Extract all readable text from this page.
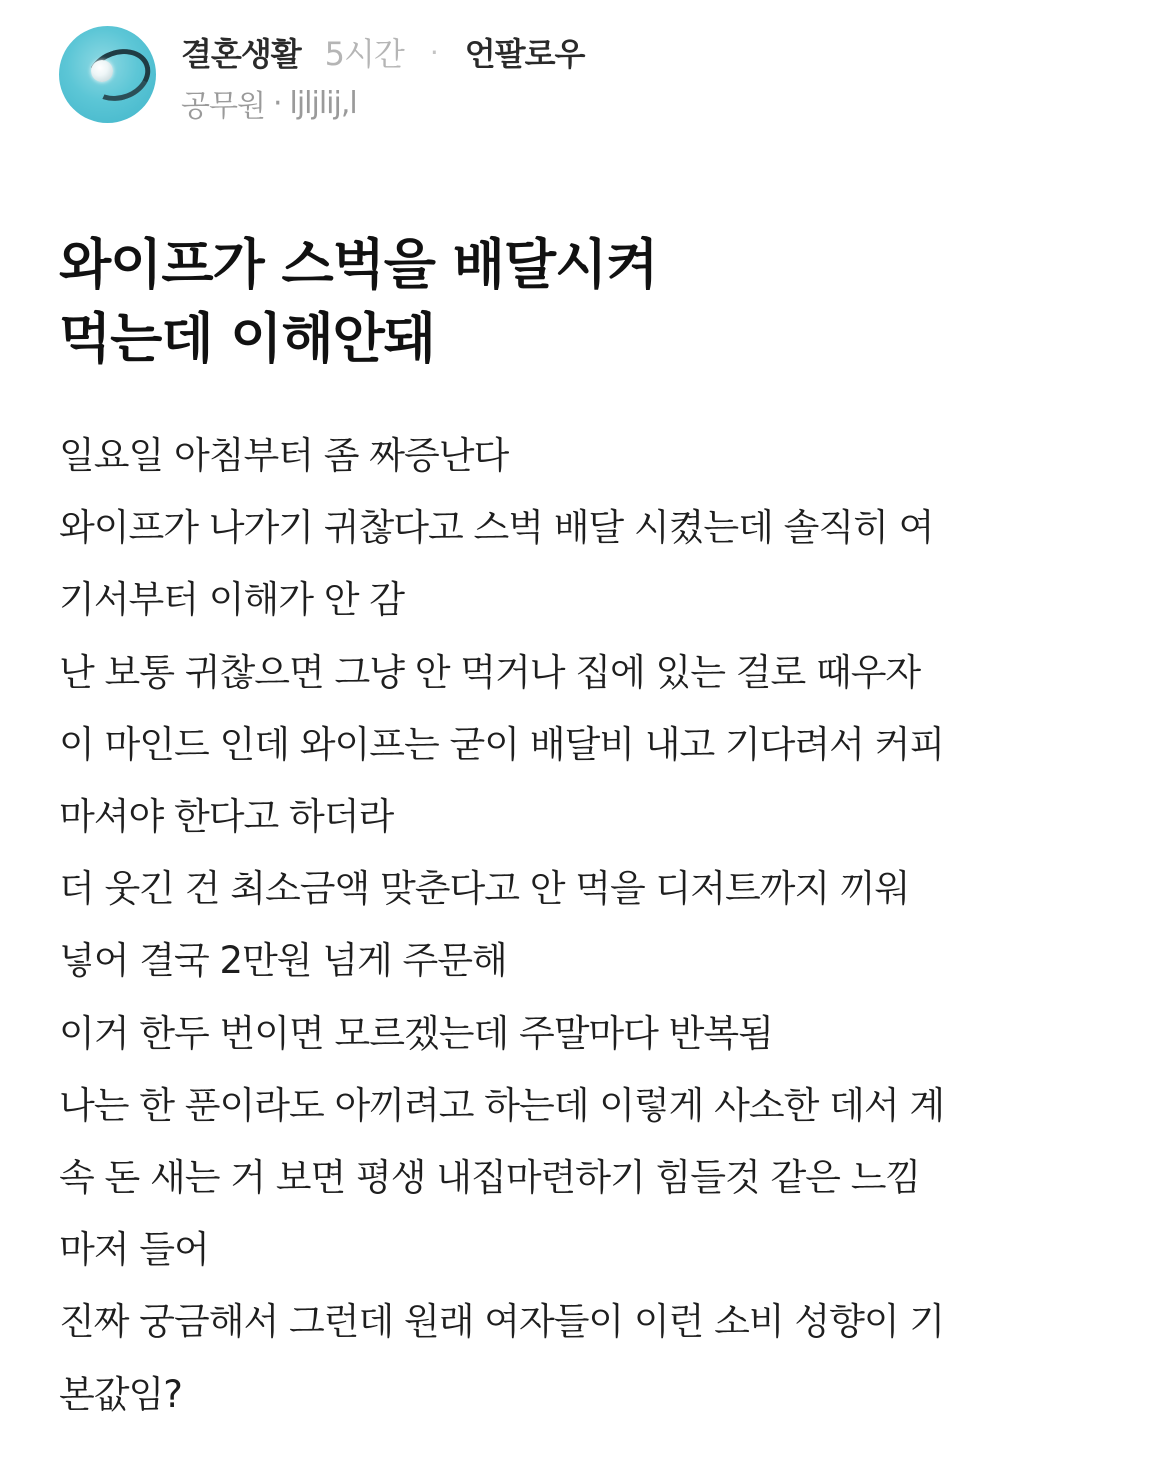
결혼생활 5시간 · 언팔로우
공무원 · ljljlij,l
와이프가 스벅을 배달시켜
먹는데 이해안돼
일요일 아침부터 좀 짜증난다
와이프가 나가기 귀찮다고 스벅 배달 시켰는데 솔직히 여
기서부터 이해가 안 감
난 보통 귀찮으면 그냥 안 먹거나 집에 있는 걸로 때우자
이 마인드 인데 와이프는 굳이 배달비 내고 기다려서 커피
마셔야 한다고 하더라
더 웃긴 건 최소금액 맞춘다고 안 먹을 디저트까지 끼워
넣어 결국 2만원 넘게 주문해
이거 한두 번이면 모르겠는데 주말마다 반복됨
나는 한 푼이라도 아끼려고 하는데 이렇게 사소한 데서 계
속 돈 새는 거 보면 평생 내집마련하기 힘들것 같은 느낌
마저 들어
진짜 궁금해서 그런데 원래 여자들이 이런 소비 성향이 기
본값임?
